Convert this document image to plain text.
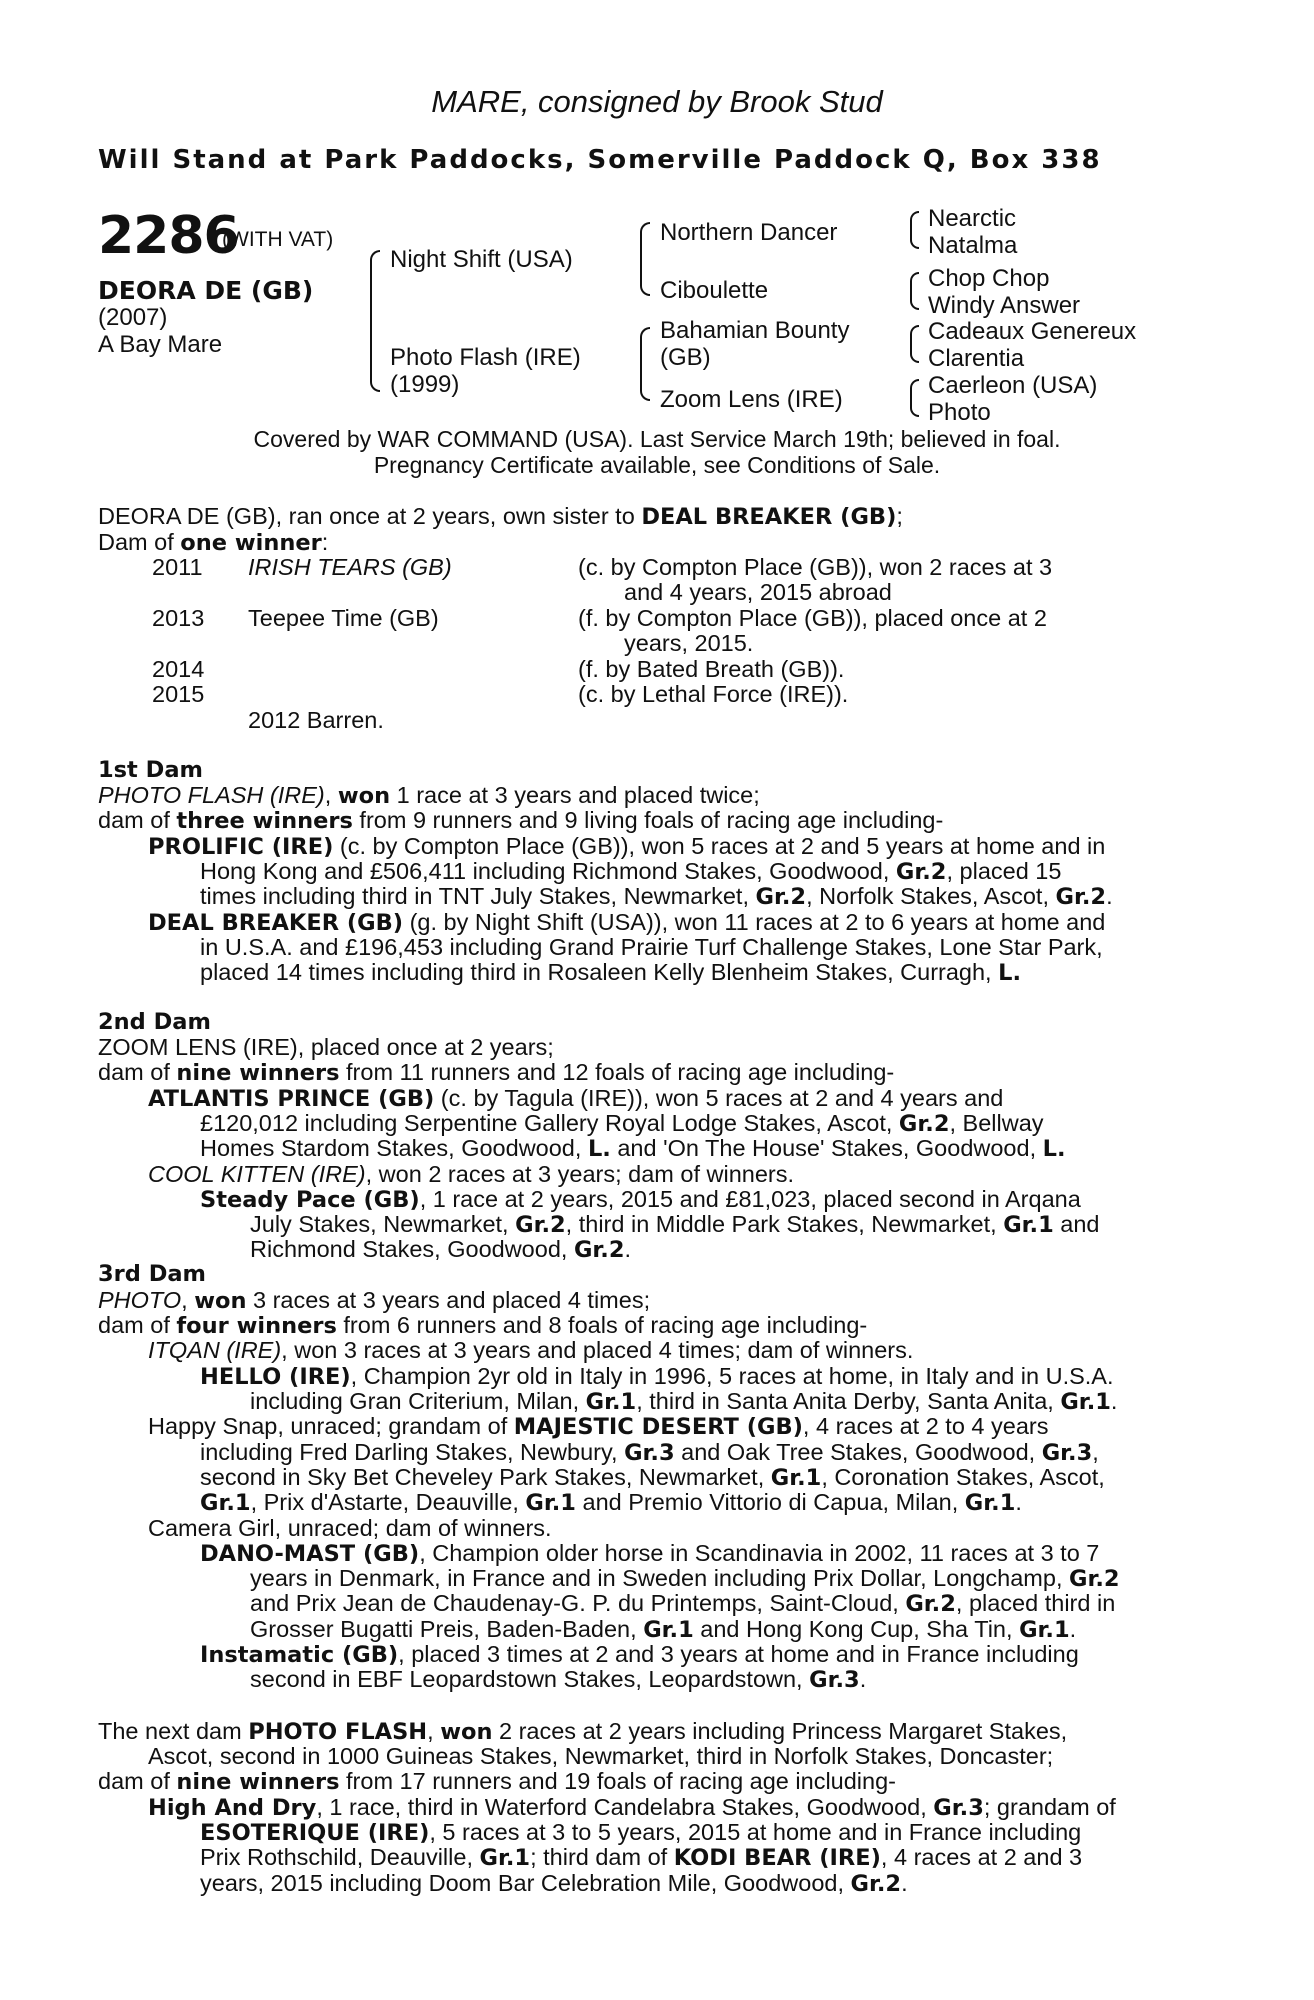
MARE, consigned by Brook Stud
Will Stand at Park Paddocks, Somerville Paddock Q, Box 338
2286
(WITH VAT)
DEORA DE (GB)
(2007)
A Bay Mare
Night Shift (USA)
Photo Flash (IRE)
(1999)
Northern Dancer
Ciboulette
Bahamian Bounty
(GB)
Zoom Lens (IRE)
Nearctic
Natalma
Chop Chop
Windy Answer
Cadeaux Genereux
Clarentia
Caerleon (USA)
Photo
Covered by WAR COMMAND (USA). Last Service March 19th; believed in foal.
Pregnancy Certificate available, see Conditions of Sale.
DEORA DE (GB), ran once at 2 years, own sister to DEAL BREAKER (GB);
Dam of one winner:
2011 IRISH TEARS (GB)	(c. by Compton Place (GB)), won 2 races at 3
and 4 years, 2015 abroad
2013 Teepee Time (GB)	(f. by Compton Place (GB)), placed once at 2
years, 2015.
2014	(f. by Bated Breath (GB)).
2015	(c. by Lethal Force (IRE)).
2012 Barren.
1st Dam
PHOTO FLASH (IRE), won 1 race at 3 years and placed twice;
dam of three winners from 9 runners and 9 living foals of racing age including-
PROLIFIC (IRE) (c. by Compton Place (GB)), won 5 races at 2 and 5 years at home and in
Hong Kong and £506,411 including Richmond Stakes, Goodwood, Gr.2, placed 15
times including third in TNT July Stakes, Newmarket, Gr.2, Norfolk Stakes, Ascot, Gr.2.
DEAL BREAKER (GB) (g. by Night Shift (USA)), won 11 races at 2 to 6 years at home and
in U.S.A. and £196,453 including Grand Prairie Turf Challenge Stakes, Lone Star Park,
placed 14 times including third in Rosaleen Kelly Blenheim Stakes, Curragh, L.
2nd Dam
ZOOM LENS (IRE), placed once at 2 years;
dam of nine winners from 11 runners and 12 foals of racing age including-
ATLANTIS PRINCE (GB) (c. by Tagula (IRE)), won 5 races at 2 and 4 years and
£120,012 including Serpentine Gallery Royal Lodge Stakes, Ascot, Gr.2, Bellway
Homes Stardom Stakes, Goodwood, L. and 'On The House' Stakes, Goodwood, L.
COOL KITTEN (IRE), won 2 races at 3 years; dam of winners.
Steady Pace (GB), 1 race at 2 years, 2015 and £81,023, placed second in Arqana
July Stakes, Newmarket, Gr.2, third in Middle Park Stakes, Newmarket, Gr.1 and
Richmond Stakes, Goodwood, Gr.2.
3rd Dam
PHOTO, won 3 races at 3 years and placed 4 times;
dam of four winners from 6 runners and 8 foals of racing age including-
ITQAN (IRE), won 3 races at 3 years and placed 4 times; dam of winners.
HELLO (IRE), Champion 2yr old in Italy in 1996, 5 races at home, in Italy and in U.S.A.
including Gran Criterium, Milan, Gr.1, third in Santa Anita Derby, Santa Anita, Gr.1.
Happy Snap, unraced; grandam of MAJESTIC DESERT (GB), 4 races at 2 to 4 years
including Fred Darling Stakes, Newbury, Gr.3 and Oak Tree Stakes, Goodwood, Gr.3,
second in Sky Bet Cheveley Park Stakes, Newmarket, Gr.1, Coronation Stakes, Ascot,
Gr.1, Prix d'Astarte, Deauville, Gr.1 and Premio Vittorio di Capua, Milan, Gr.1.
Camera Girl, unraced; dam of winners.
DANO-MAST (GB), Champion older horse in Scandinavia in 2002, 11 races at 3 to 7
years in Denmark, in France and in Sweden including Prix Dollar, Longchamp, Gr.2
and Prix Jean de Chaudenay-G. P. du Printemps, Saint-Cloud, Gr.2, placed third in
Grosser Bugatti Preis, Baden-Baden, Gr.1 and Hong Kong Cup, Sha Tin, Gr.1.
Instamatic (GB), placed 3 times at 2 and 3 years at home and in France including
second in EBF Leopardstown Stakes, Leopardstown, Gr.3.
The next dam PHOTO FLASH, won 2 races at 2 years including Princess Margaret Stakes,
Ascot, second in 1000 Guineas Stakes, Newmarket, third in Norfolk Stakes, Doncaster;
dam of nine winners from 17 runners and 19 foals of racing age including-
High And Dry, 1 race, third in Waterford Candelabra Stakes, Goodwood, Gr.3; grandam of
ESOTERIQUE (IRE), 5 races at 3 to 5 years, 2015 at home and in France including
Prix Rothschild, Deauville, Gr.1; third dam of KODI BEAR (IRE), 4 races at 2 and 3
years, 2015 including Doom Bar Celebration Mile, Goodwood, Gr.2.
